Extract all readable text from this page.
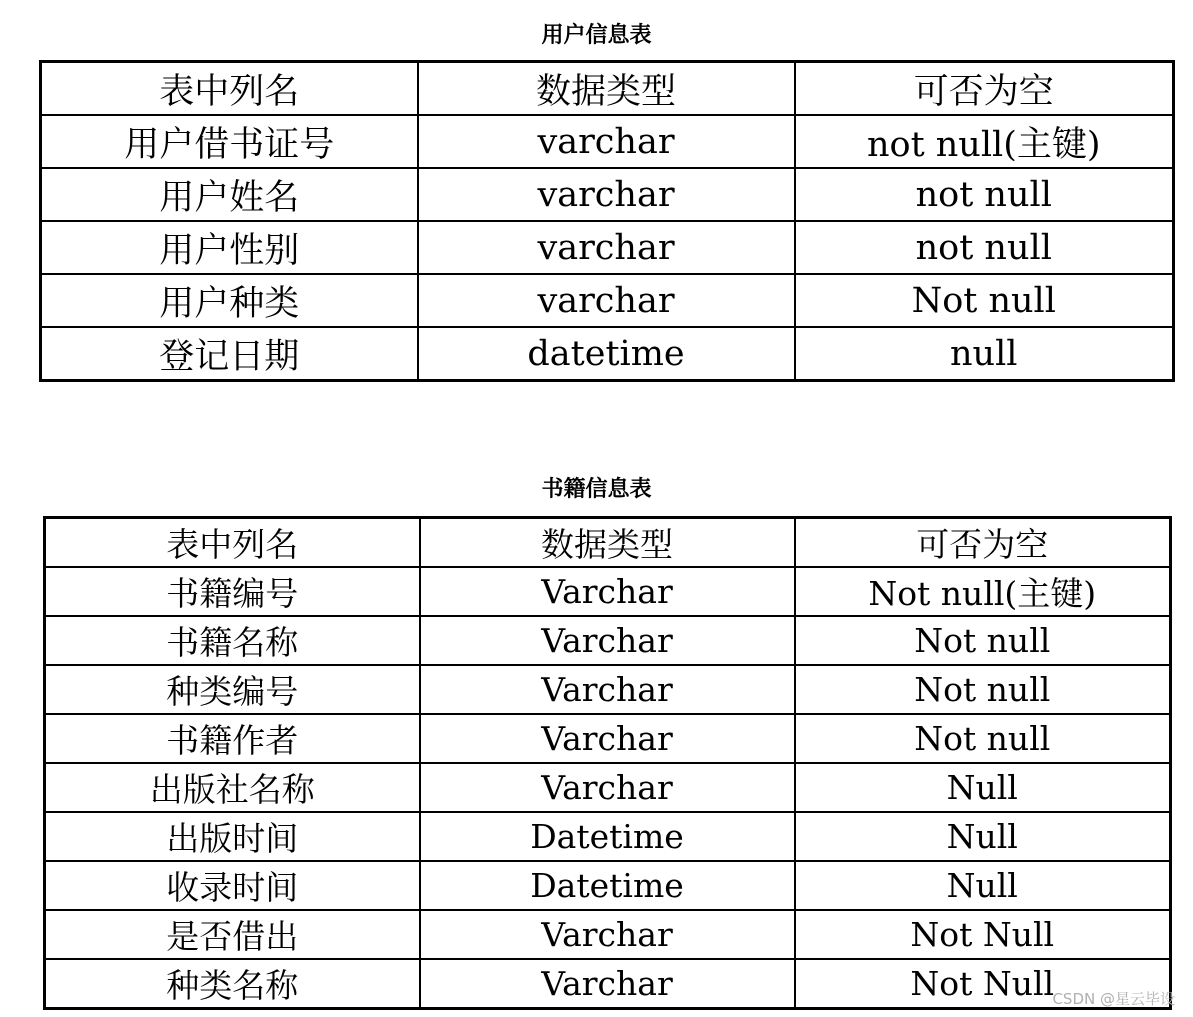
用户信息表
表中列名	数据类型	可否为空
用户借书证号	varchar	not null(主键)
用户姓名	varchar	not null
用户性别	varchar	not null
用户种类	varchar	Not null
登记日期	datetime	null
书籍信息表
表中列名	数据类型	可否为空
书籍编号	Varchar	Not null(主键)
书籍名称	Varchar	Not null
种类编号	Varchar	Not null
书籍作者	Varchar	Not null
出版社名称	Varchar	Null
出版时间	Datetime	Null
收录时间	Datetime	Null
是否借出	Varchar	Not Null
种类名称	Varchar	Not Null
CSDN @星云毕设
